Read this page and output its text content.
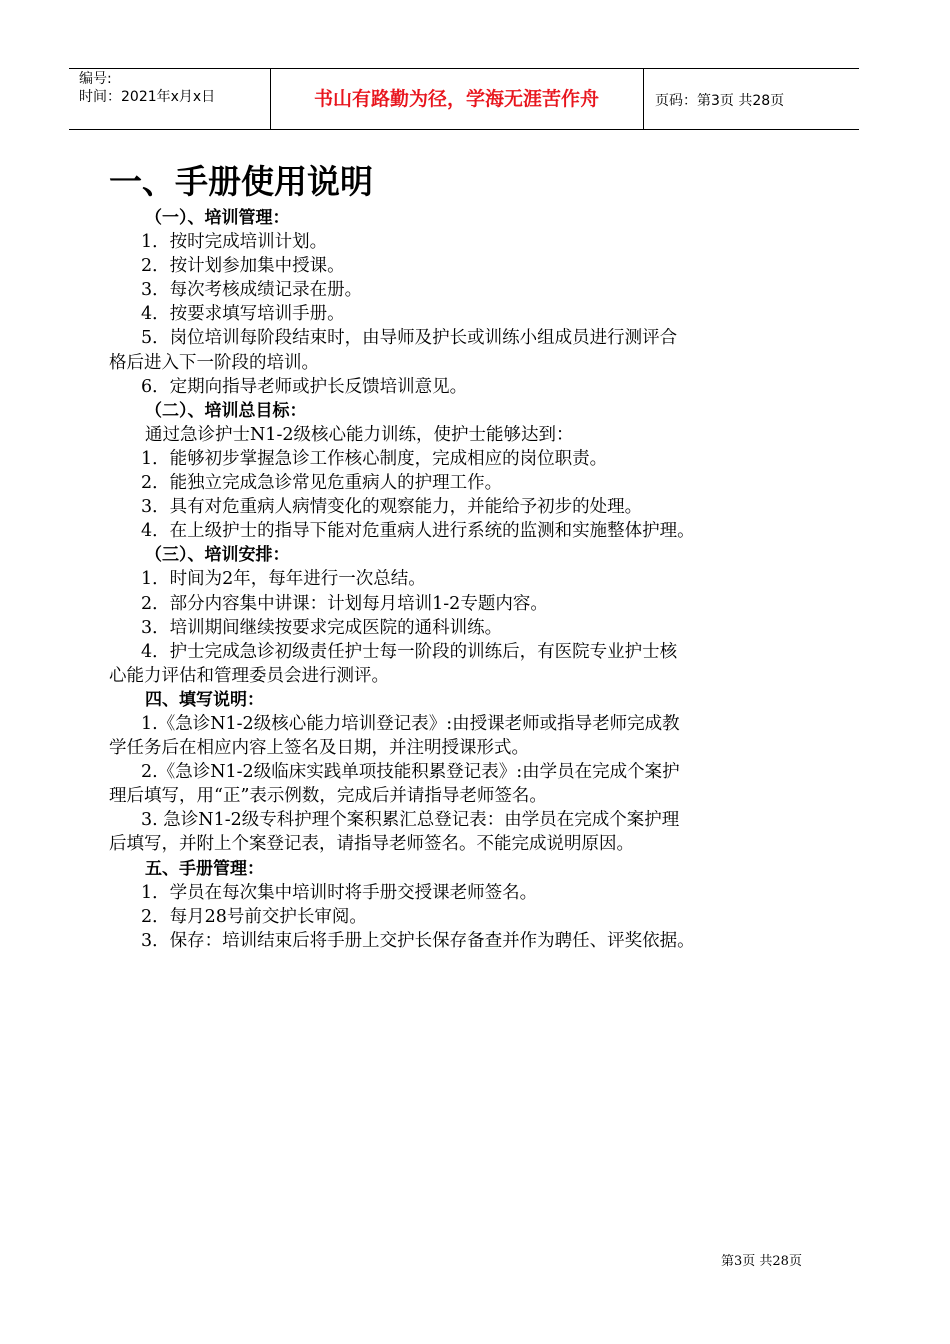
编号:
时间：2021年x月x日	书山有路勤为径，学海无涯苦作舟	页码：第3页 共28页
一、手册使用说明

（一）、培训管理：

1．按时完成培训计划。

2．按计划参加集中授课。

3．每次考核成绩记录在册。

4．按要求填写培训手册。

5．岗位培训每阶段结束时，由导师及护长或训练小组成员进行测评合

格后进入下一阶段的培训。

6．定期向指导老师或护长反馈培训意见。

（二）、培训总目标：

通过急诊护士N1-2级核心能力训练，使护士能够达到：

1．能够初步掌握急诊工作核心制度，完成相应的岗位职责。

2．能独立完成急诊常见危重病人的护理工作。

3．具有对危重病人病情变化的观察能力，并能给予初步的处理。

4．在上级护士的指导下能对危重病人进行系统的监测和实施整体护理。

（三）、培训安排：

1．时间为2年，每年进行一次总结。

2．部分内容集中讲课：计划每月培训1-2专题内容。

3．培训期间继续按要求完成医院的通科训练。

4．护士完成急诊初级责任护士每一阶段的训练后，有医院专业护士核

心能力评估和管理委员会进行测评。

四、填写说明：

1.《急诊N1-2级核心能力培训登记表》:由授课老师或指导老师完成教

学任务后在相应内容上签名及日期，并注明授课形式。

2.《急诊N1-2级临床实践单项技能积累登记表》:由学员在完成个案护

理后填写，用“正”表示例数，完成后并请指导老师签名。

3. 急诊N1-2级专科护理个案积累汇总登记表：由学员在完成个案护理

后填写，并附上个案登记表，请指导老师签名。不能完成说明原因。

五、手册管理：

1．学员在每次集中培训时将手册交授课老师签名。

2．每月28号前交护长审阅。

3．保存：培训结束后将手册上交护长保存备查并作为聘任、评奖依据。

第3页 共28页
